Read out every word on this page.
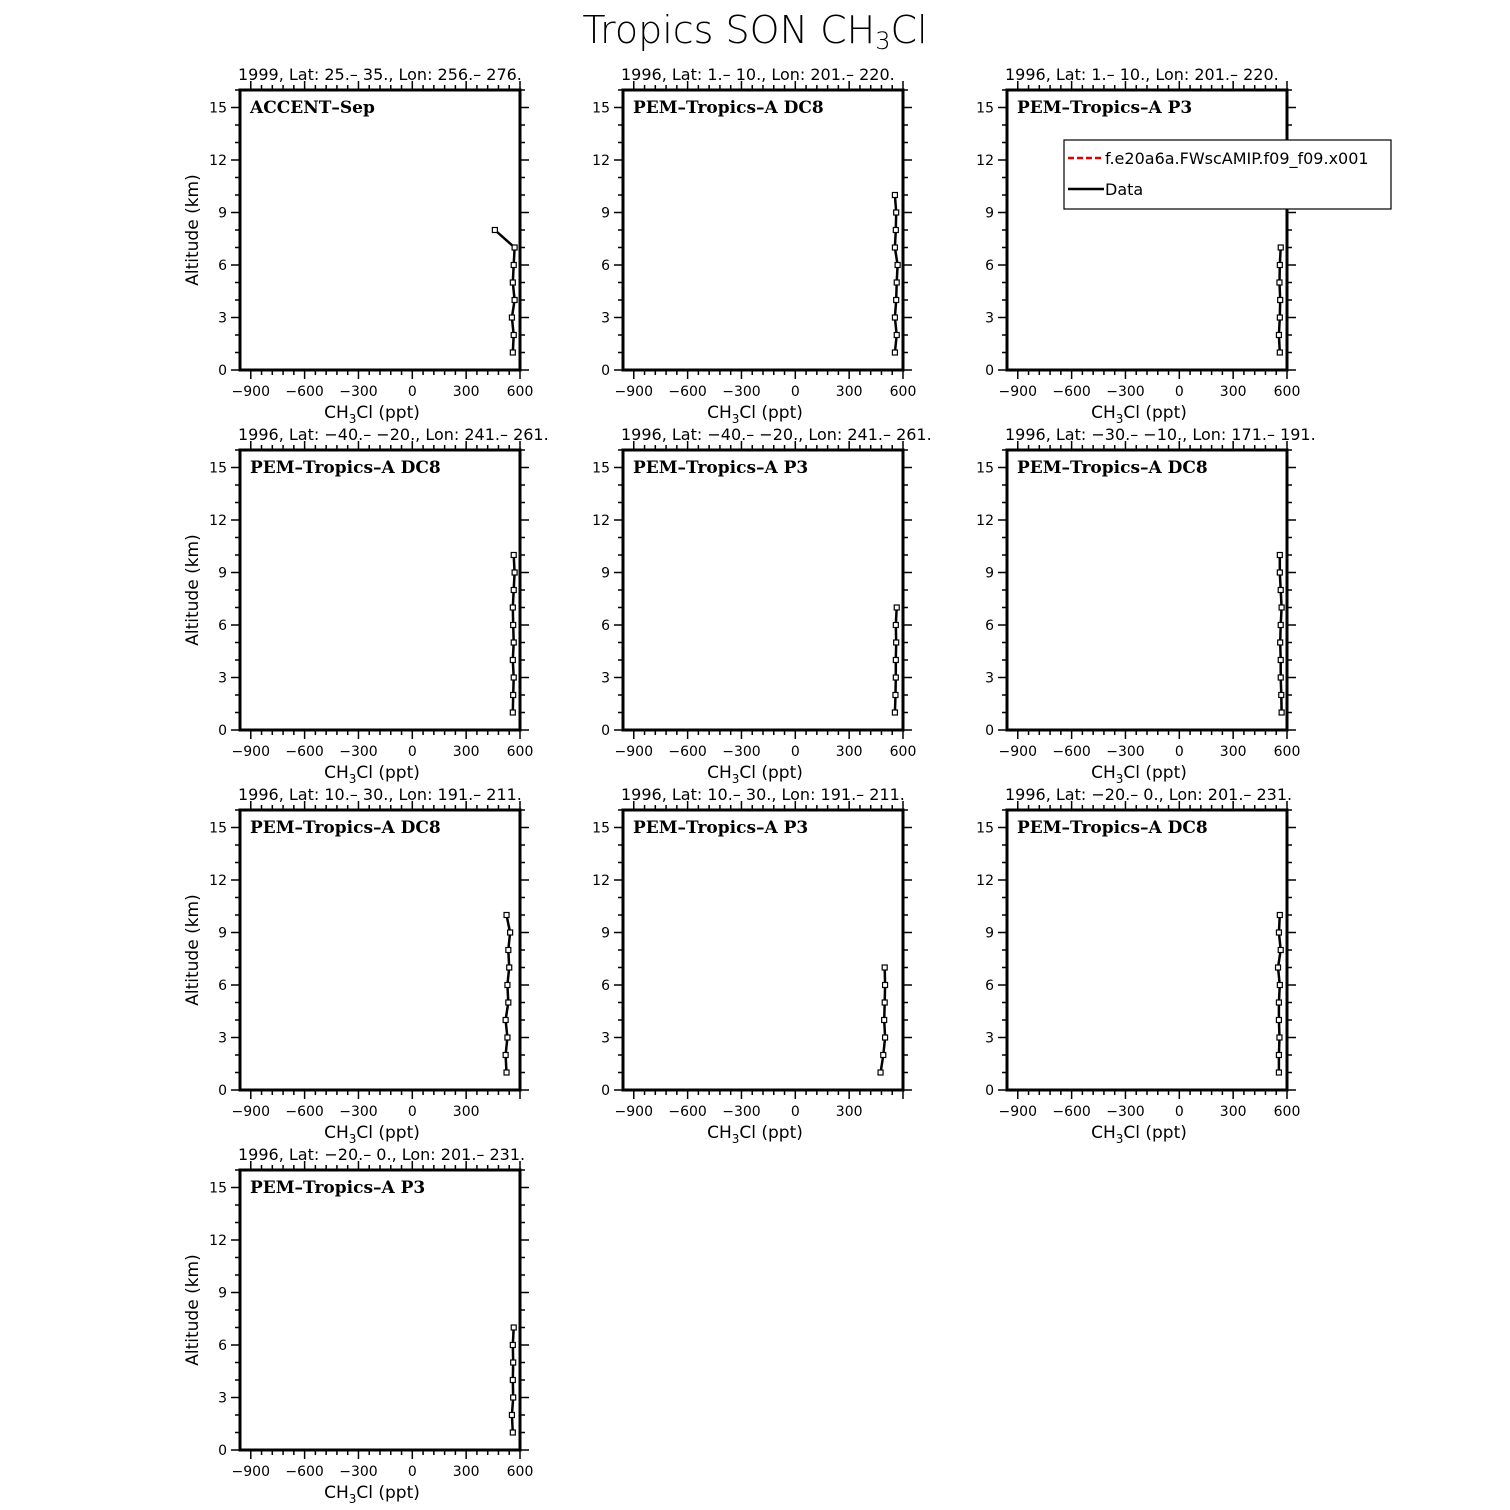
Tropics SON $CH_3Cl$
1999, Lat: 25.– 35., Lon: 256.– 276.
0
3
6
9
12
15
−900 −600 −300 0	300 600
$CH_3Cl$ (ppt)
Altitude (km)
ACCENT–Sep
1996, Lat: 1.– 10., Lon: 201.– 220.
0
3
6
9
12
15
−900 −600 −300 0	300 600
$CH_3Cl$ (ppt)
PEM–Tropics–A DC8
1996, Lat: 1.– 10., Lon: 201.– 220.
0
3
6
9
12
15
−900 −600 −300 0	300 600
$CH_3Cl$ (ppt)
PEM–Tropics–A P3
1996, Lat: −40.– −20., Lon: 241.– 261.
0
3
6
9
12
15
−900 −600 −300 0	300 600
$CH_3Cl$ (ppt)
Altitude (km)
PEM–Tropics–A DC8
1996, Lat: −40.– −20., Lon: 241.– 261.
0
3
6
9
12
15
−900 −600 −300 0	300 600
$CH_3Cl$ (ppt)
PEM–Tropics–A P3
1996, Lat: −30.– −10., Lon: 171.– 191.
0
3
6
9
12
15
−900 −600 −300 0	300 600
$CH_3Cl$ (ppt)
PEM–Tropics–A DC8
1996, Lat: 10.– 30., Lon: 191.– 211.
0
3
6
9
12
15
−900 −600 −300 0	300
$CH_3Cl$ (ppt)
Altitude (km)
PEM–Tropics–A DC8
1996, Lat: 10.– 30., Lon: 191.– 211.
0
3
6
9
12
15
−900 −600 −300 0	300
$CH_3Cl$ (ppt)
PEM–Tropics–A P3
1996, Lat: −20.– 0., Lon: 201.– 231.
0
3
6
9
12
15
−900 −600 −300 0	300 600
$CH_3Cl$ (ppt)
PEM–Tropics–A DC8
1996, Lat: −20.– 0., Lon: 201.– 231.
0
3
6
9
12
15
−900 −600 −300 0	300 600
$CH_3Cl$ (ppt)
Altitude (km)
PEM–Tropics–A P3
f.e20a6a.FWscAMIP.f09_f09.x001
Data
